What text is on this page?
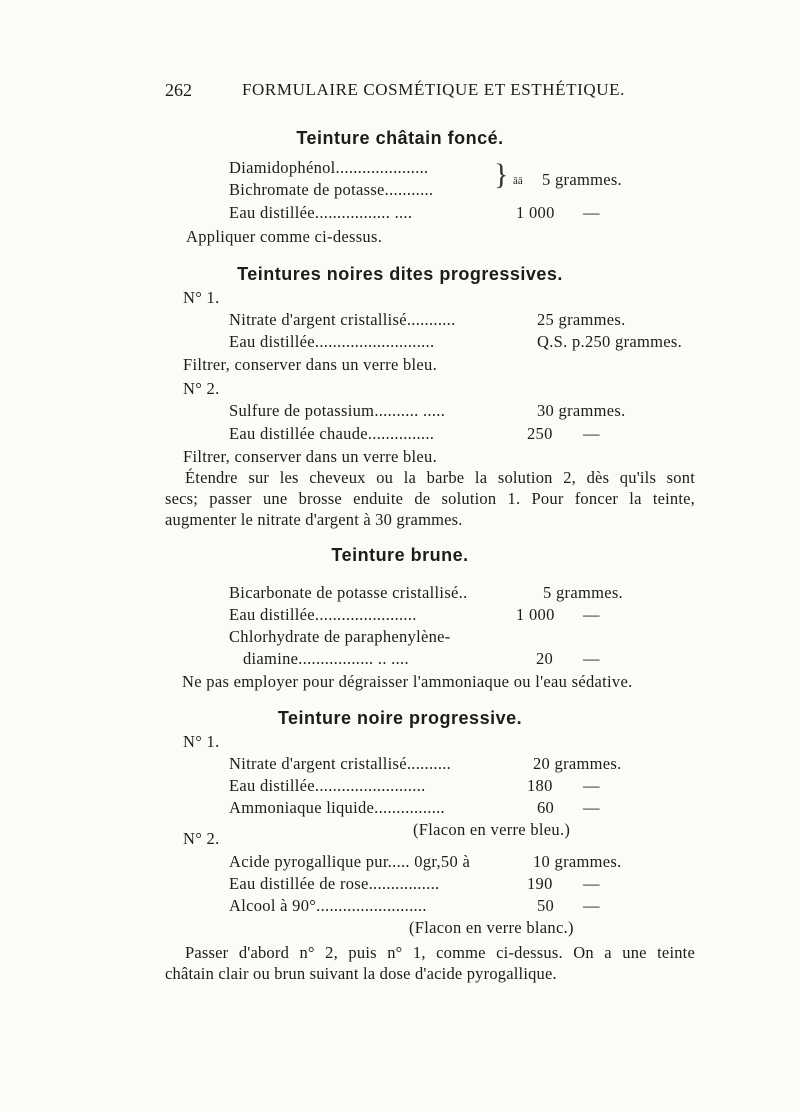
262	FORMULAIRE COSMÉTIQUE ET ESTHÉTIQUE.
Teinture châtain foncé.
Diamidophénol.....................
Bichromate de potasse........... } āā 5 grammes.
Eau distillée................. ....	1 000 —
Appliquer comme ci-dessus.
Teintures noires dites progressives.
N° 1.
Nitrate d'argent cristallisé...........	25 grammes.
Eau distillée...........................	Q.S. p.250 grammes.
Filtrer, conserver dans un verre bleu.
N° 2.
Sulfure de potassium.......... .....	30 grammes.
Eau distillée chaude...............	250 —
Filtrer, conserver dans un verre bleu.
Étendre sur les cheveux ou la barbe la solution 2, dès qu'ils sont
secs; passer une brosse enduite de solution 1. Pour foncer la teinte,
augmenter le nitrate d'argent à 30 grammes.
Teinture brune.
Bicarbonate de potasse cristallisé..	5 grammes.
Eau distillée.......................	1 000 —
Chlorhydrate de paraphenylène-
diamine................. .. ....	20 —
Ne pas employer pour dégraisser l'ammoniaque ou l'eau sédative.
Teinture noire progressive.
N° 1.
Nitrate d'argent cristallisé..........	20 grammes.
Eau distillée.........................	180 —
Ammoniaque liquide................	60 —
(Flacon en verre bleu.)
N° 2.
Acide pyrogallique pur..... 0gr,50 à	10 grammes.
Eau distillée de rose................	190 —
Alcool à 90°.........................	50 —
(Flacon en verre blanc.)
Passer d'abord n° 2, puis n° 1, comme ci-dessus. On a une teinte
châtain clair ou brun suivant la dose d'acide pyrogallique.
